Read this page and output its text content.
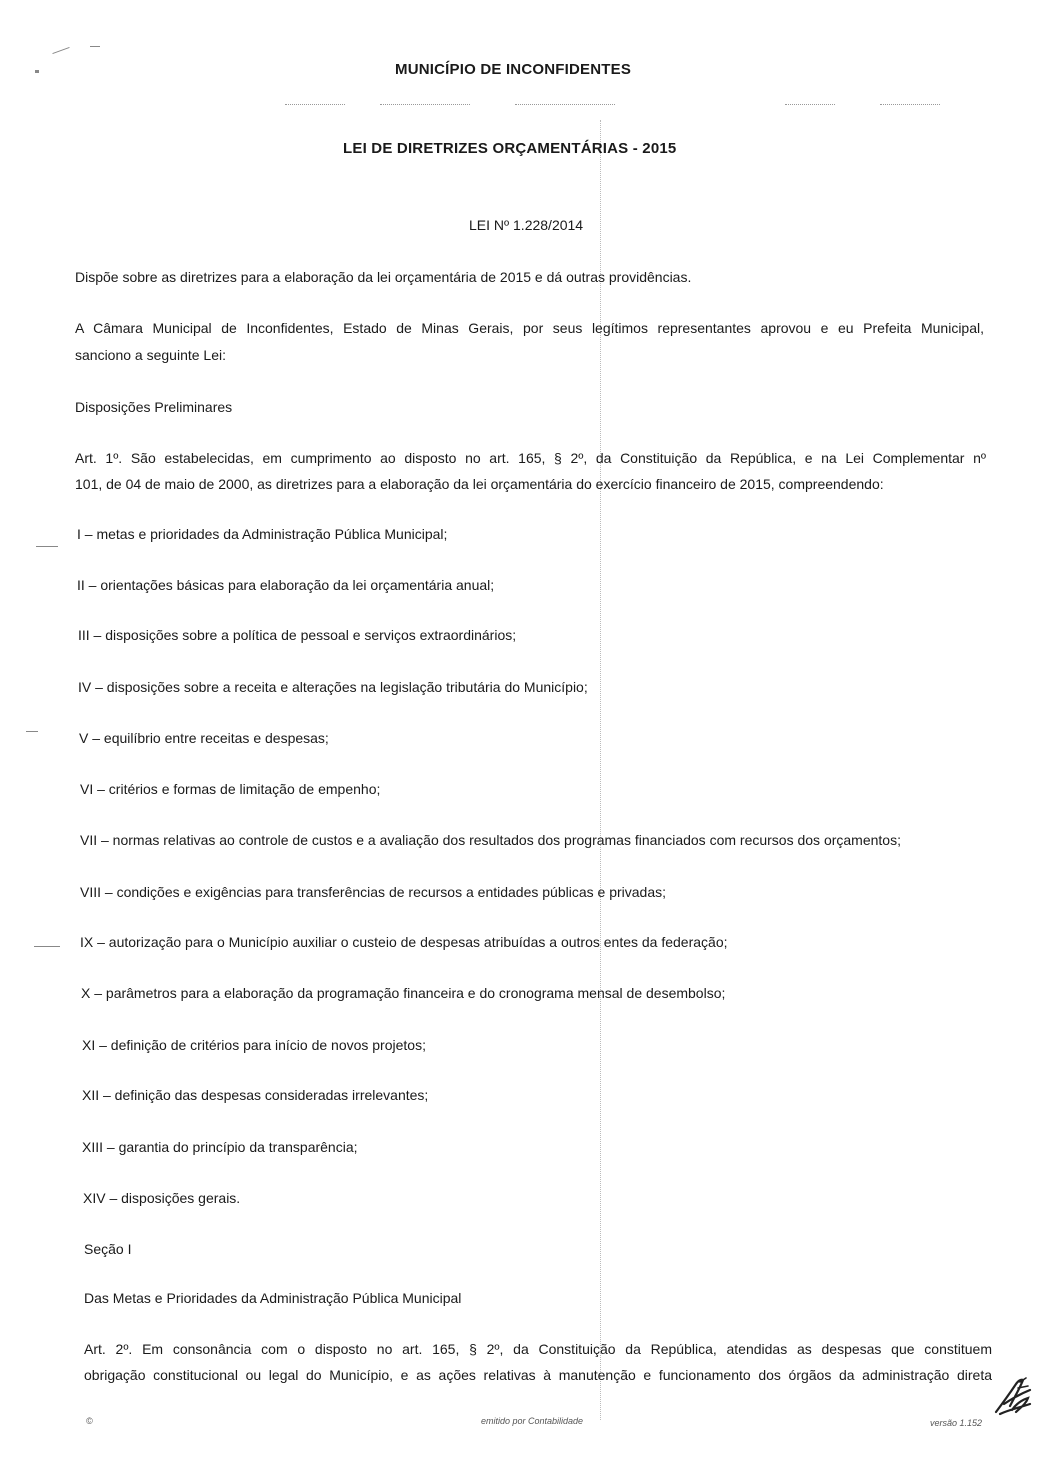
MUNICÍPIO DE INCONFIDENTES

LEI DE DIRETRIZES ORÇAMENTÁRIAS - 2015

LEI Nº 1.228/2014

Dispõe sobre as diretrizes para a elaboração da lei orçamentária de 2015 e dá outras providências.

A Câmara Municipal de Inconfidentes, Estado de Minas Gerais, por seus legítimos representantes aprovou e eu Prefeita Municipal,

sanciono a seguinte Lei:

Disposições Preliminares

Art. 1º. São estabelecidas, em cumprimento ao disposto no art. 165, § 2º, da Constituição da República, e na Lei Complementar nº

101, de 04 de maio de 2000, as diretrizes para a elaboração da lei orçamentária do exercício financeiro de 2015, compreendendo:

I – metas e prioridades da Administração Pública Municipal;

II – orientações básicas para elaboração da lei orçamentária anual;

III – disposições sobre a política de pessoal e serviços extraordinários;

IV – disposições sobre a receita e alterações na legislação tributária do Município;

V – equilíbrio entre receitas e despesas;

VI – critérios e formas de limitação de empenho;

VII – normas relativas ao controle de custos e a avaliação dos resultados dos programas financiados com recursos dos orçamentos;

VIII – condições e exigências para transferências de recursos a entidades públicas e privadas;

IX – autorização para o Município auxiliar o custeio de despesas atribuídas a outros entes da federação;

X – parâmetros para a elaboração da programação financeira e do cronograma mensal de desembolso;

XI – definição de critérios para início de novos projetos;

XII – definição das despesas consideradas irrelevantes;

XIII – garantia do princípio da transparência;

XIV – disposições gerais.

Seção I

Das Metas e Prioridades da Administração Pública Municipal

Art. 2º. Em consonância com o disposto no art. 165, § 2º, da Constituição da República, atendidas as despesas que constituem

obrigação constitucional ou legal do Município, e as ações relativas à manutenção e funcionamento dos órgãos da administração direta

©	emitido por Contabilidade	versão 1.152
